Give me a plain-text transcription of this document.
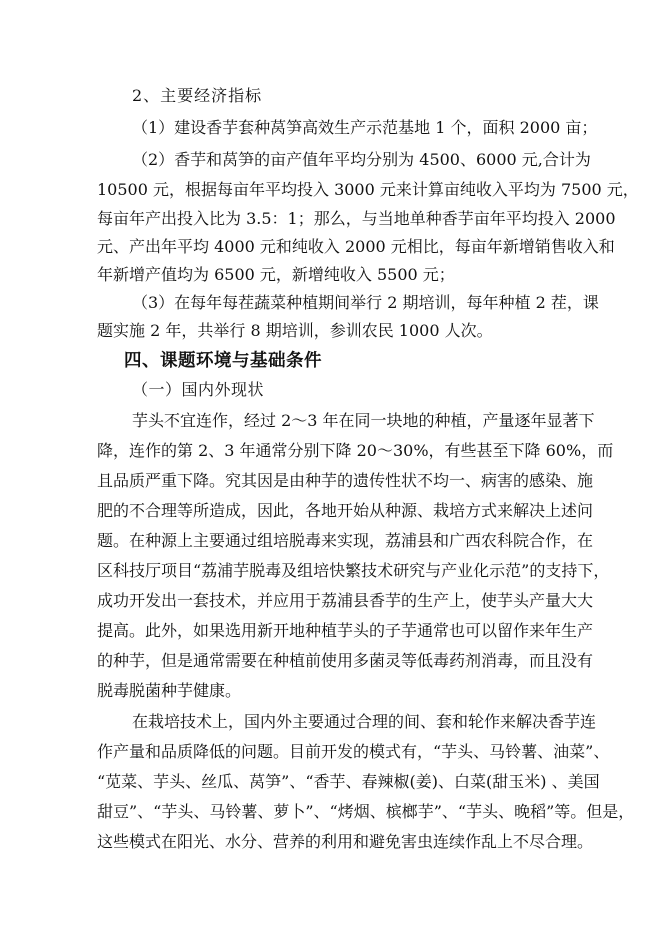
2、主要经济指标
（1）建设香芋套种莴笋高效生产示范基地 1 个，面积 2000 亩；
（2）香芋和莴笋的亩产值年平均分别为 4500、6000 元,合计为
10500 元，根据每亩年平均投入 3000 元来计算亩纯收入平均为 7500 元，
每亩年产出投入比为 3.5：1；那么，与当地单种香芋亩年平均投入 2000
元、产出年平均 4000 元和纯收入 2000 元相比，每亩年新增销售收入和
年新增产值均为 6500 元，新增纯收入 5500 元；
（3）在每年每茬蔬菜种植期间举行 2 期培训，每年种植 2 茬，课
题实施 2 年，共举行 8 期培训，参训农民 1000 人次。
四、课题环境与基础条件
（一）国内外现状
芋头不宜连作，经过 2～3 年在同一块地的种植，产量逐年显著下
降，连作的第 2、3 年通常分别下降 20～30%，有些甚至下降 60%，而
且品质严重下降。究其因是由种芋的遗传性状不均一、病害的感染、施
肥的不合理等所造成，因此，各地开始从种源、栽培方式来解决上述问
题。在种源上主要通过组培脱毒来实现，荔浦县和广西农科院合作，在
区科技厅项目“荔浦芋脱毒及组培快繁技术研究与产业化示范”的支持下，
成功开发出一套技术，并应用于荔浦县香芋的生产上，使芋头产量大大
提高。此外，如果选用新开地种植芋头的子芋通常也可以留作来年生产
的种芋，但是通常需要在种植前使用多菌灵等低毒药剂消毒，而且没有
脱毒脱菌种芋健康。
在栽培技术上，国内外主要通过合理的间、套和轮作来解决香芋连
作产量和品质降低的问题。目前开发的模式有，“芋头、马铃薯、油菜”、
“苋菜、芋头、丝瓜、莴笋”、“香芋、春辣椒(姜)、白菜(甜玉米) 、美国
甜豆”、“芋头、马铃薯、萝卜”、“烤烟、槟榔芋”、“芋头、晚稻”等。但是，
这些模式在阳光、水分、营养的利用和避免害虫连续作乱上不尽合理。
